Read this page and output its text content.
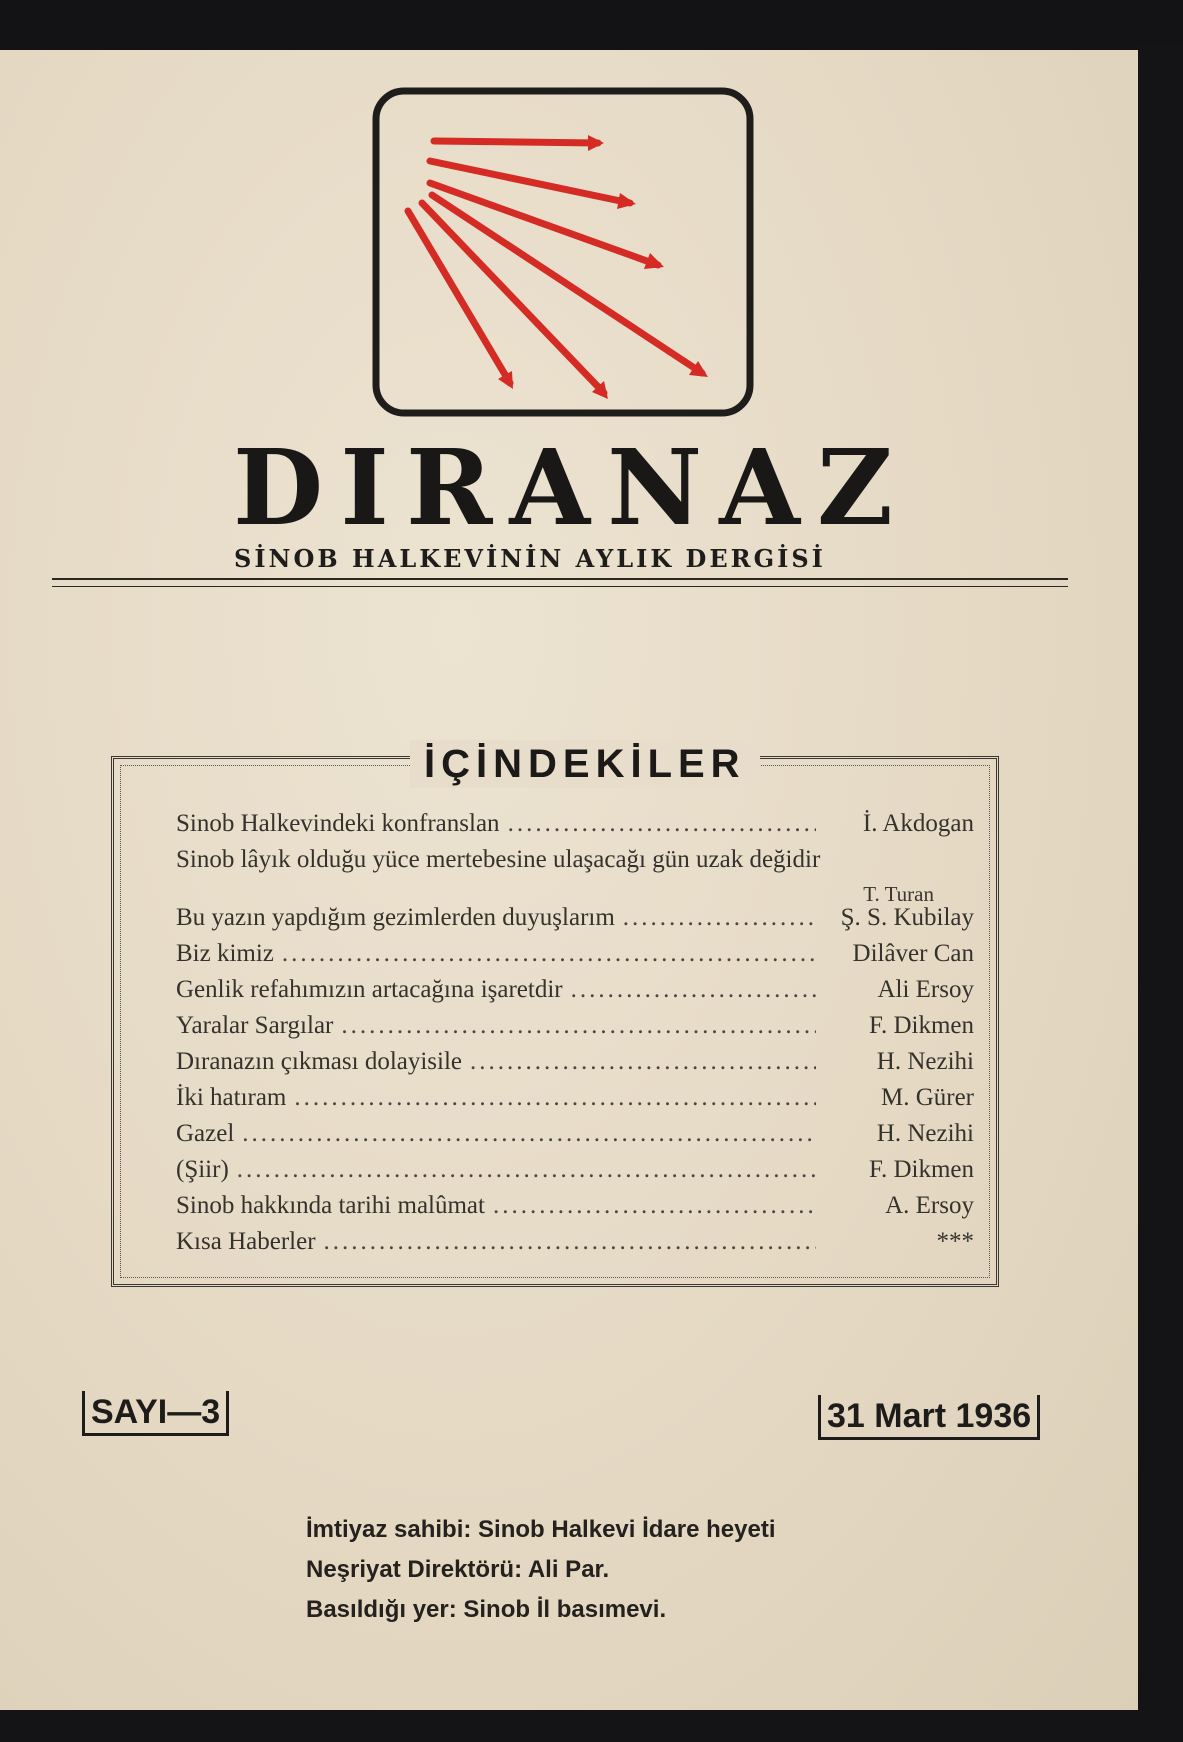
D I R A N A Z
SİNOB HALKEVİNİN AYLIK DERGİSİ
İÇİNDEKİLER
Sinob Halkevindeki konfranslan .....	İ. Akdogan
Sinob lâyık olduğu yüce mertebesine ulaşacağı gün uzak değidir
T. Turan
Bu yazın yapdığım gezimlerden duyuşlarım .....	Ş. S. Kubilay
Biz kimiz .....	Dilâver Can
Genlik refahımızın artacağına işaretdir .....	Ali Ersoy
Yaralar Sargılar .....	F. Dikmen
Dıranazın çıkması dolayisile .....	H. Nezihi
İki hatıram .....	M. Gürer
Gazel .....	H. Nezihi
(Şiir) .....	F. Dikmen
Sinob hakkında tarihi malûmat .....	A. Ersoy
Kısa Haberler .....	***
SAYI—3	31 Mart 1936
İmtiyaz sahibi: Sinob Halkevi İdare heyeti
Neşriyat Direktörü: Ali Par.
Basıldığı yer: Sinob İl basımevi.
